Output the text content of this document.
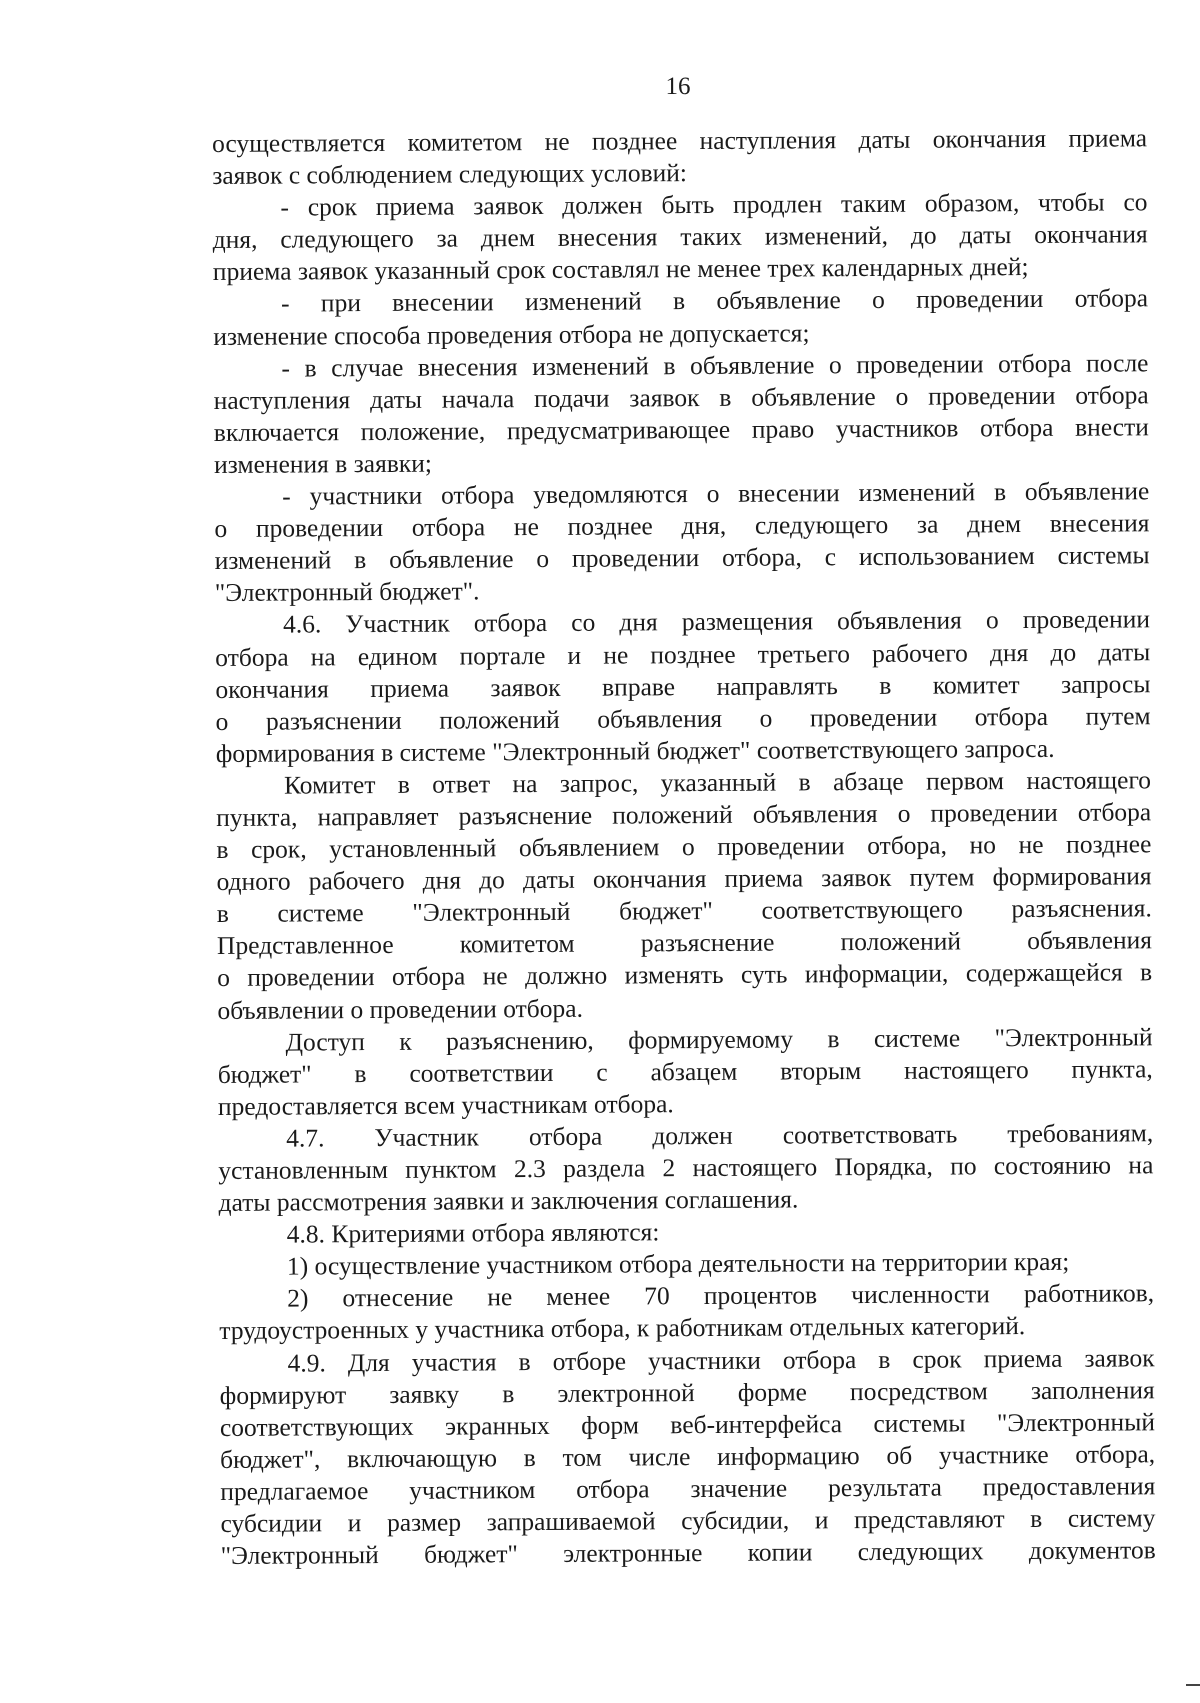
16
осуществляется комитетом не позднее наступления даты окончания приема
заявок с соблюдением следующих условий:
- срок приема заявок должен быть продлен таким образом, чтобы со
дня, следующего за днем внесения таких изменений, до даты окончания
приема заявок указанный срок составлял не менее трех календарных дней;
- при внесении изменений в объявление о проведении отбора
изменение способа проведения отбора не допускается;
- в случае внесения изменений в объявление о проведении отбора после
наступления даты начала подачи заявок в объявление о проведении отбора
включается положение, предусматривающее право участников отбора внести
изменения в заявки;
- участники отбора уведомляются о внесении изменений в объявление
о проведении отбора не позднее дня, следующего за днем внесения
изменений в объявление о проведении отбора, с использованием системы
"Электронный бюджет".
4.6. Участник отбора со дня размещения объявления о проведении
отбора на едином портале и не позднее третьего рабочего дня до даты
окончания приема заявок вправе направлять в комитет запросы
о разъяснении положений объявления о проведении отбора путем
формирования в системе "Электронный бюджет" соответствующего запроса.
Комитет в ответ на запрос, указанный в абзаце первом настоящего
пункта, направляет разъяснение положений объявления о проведении отбора
в срок, установленный объявлением о проведении отбора, но не позднее
одного рабочего дня до даты окончания приема заявок путем формирования
в системе "Электронный бюджет" соответствующего разъяснения.
Представленное комитетом разъяснение положений объявления
о проведении отбора не должно изменять суть информации, содержащейся в
объявлении о проведении отбора.
Доступ к разъяснению, формируемому в системе "Электронный
бюджет" в соответствии с абзацем вторым настоящего пункта,
предоставляется всем участникам отбора.
4.7. Участник отбора должен соответствовать требованиям,
установленным пунктом 2.3 раздела 2 настоящего Порядка, по состоянию на
даты рассмотрения заявки и заключения соглашения.
4.8. Критериями отбора являются:
1) осуществление участником отбора деятельности на территории края;
2) отнесение не менее 70 процентов численности работников,
трудоустроенных у участника отбора, к работникам отдельных категорий.
4.9. Для участия в отборе участники отбора в срок приема заявок
формируют заявку в электронной форме посредством заполнения
соответствующих экранных форм веб-интерфейса системы "Электронный
бюджет", включающую в том числе информацию об участнике отбора,
предлагаемое участником отбора значение результата предоставления
субсидии и размер запрашиваемой субсидии, и представляют в систему
"Электронный бюджет" электронные копии следующих документов
